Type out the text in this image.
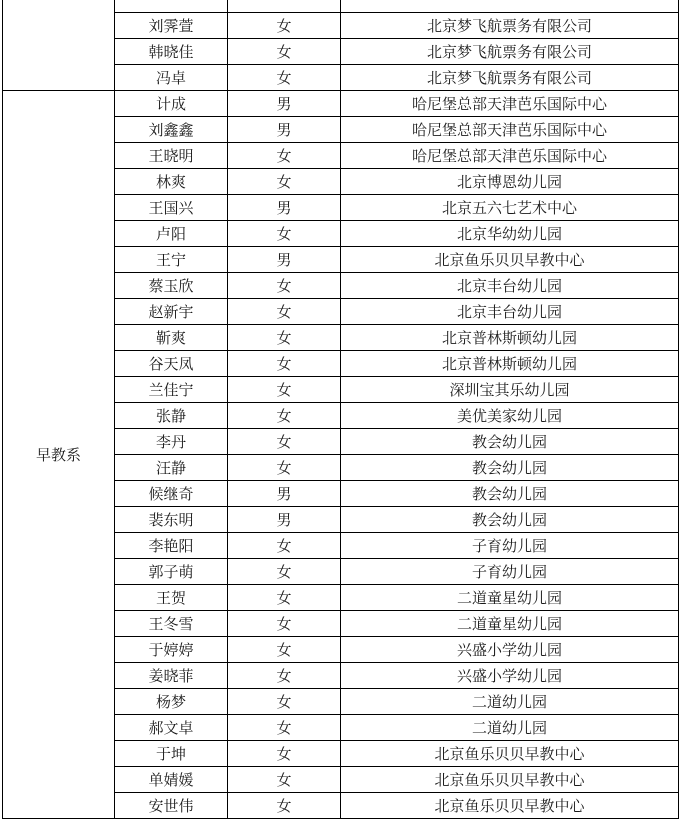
	刘霁萱	女	北京梦飞航票务有限公司
	韩晓佳	女	北京梦飞航票务有限公司
	冯卓	女	北京梦飞航票务有限公司
早教系	计成	男	哈尼堡总部天津芭乐国际中心
	刘鑫鑫	男	哈尼堡总部天津芭乐国际中心
	王晓明	女	哈尼堡总部天津芭乐国际中心
	林爽	女	北京博恩幼儿园
	王国兴	男	北京五六七艺术中心
	卢阳	女	北京华幼幼儿园
	王宁	男	北京鱼乐贝贝早教中心
	蔡玉欣	女	北京丰台幼儿园
	赵新宇	女	北京丰台幼儿园
	靳爽	女	北京普林斯顿幼儿园
	谷天凤	女	北京普林斯顿幼儿园
	兰佳宁	女	深圳宝其乐幼儿园
	张静	女	美优美家幼儿园
	李丹	女	教会幼儿园
	汪静	女	教会幼儿园
	候继奇	男	教会幼儿园
	裴东明	男	教会幼儿园
	李艳阳	女	子育幼儿园
	郭子萌	女	子育幼儿园
	王贺	女	二道童星幼儿园
	王冬雪	女	二道童星幼儿园
	于婷婷	女	兴盛小学幼儿园
	姜晓菲	女	兴盛小学幼儿园
	杨梦	女	二道幼儿园
	郝文卓	女	二道幼儿园
	于坤	女	北京鱼乐贝贝早教中心
	单婧媛	女	北京鱼乐贝贝早教中心
	安世伟	女	北京鱼乐贝贝早教中心
